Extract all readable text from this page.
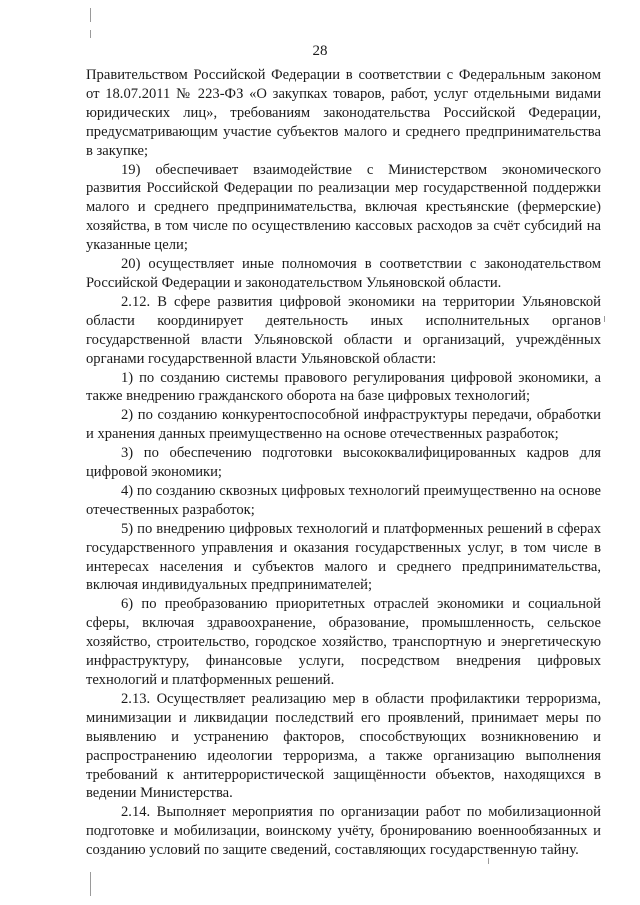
28

Правительством Российской Федерации в соответствии с Федеральным законом от 18.07.2011 № 223-ФЗ «О закупках товаров, работ, услуг отдельными видами юридических лиц», требованиям законодательства Российской Федерации, предусматривающим участие субъектов малого и среднего предпринимательства в закупке;

19) обеспечивает взаимодействие с Министерством экономического развития Российской Федерации по реализации мер государственной поддержки малого и среднего предпринимательства, включая крестьянские (фермерские) хозяйства, в том числе по осуществлению кассовых расходов за счёт субсидий на указанные цели;

20) осуществляет иные полномочия в соответствии с законодательством Российской Федерации и законодательством Ульяновской области.

2.12. В сфере развития цифровой экономики на территории Ульяновской области координирует деятельность иных исполнительных органов государственной власти Ульяновской области и организаций, учреждённых органами государственной власти Ульяновской области:

1) по созданию системы правового регулирования цифровой экономики, а также внедрению гражданского оборота на базе цифровых технологий;

2) по созданию конкурентоспособной инфраструктуры передачи, обработки и хранения данных преимущественно на основе отечественных разработок;

3) по обеспечению подготовки высококвалифицированных кадров для цифровой экономики;

4) по созданию сквозных цифровых технологий преимущественно на основе отечественных разработок;

5) по внедрению цифровых технологий и платформенных решений в сферах государственного управления и оказания государственных услуг, в том числе в интересах населения и субъектов малого и среднего предпринимательства, включая индивидуальных предпринимателей;

6) по преобразованию приоритетных отраслей экономики и социальной сферы, включая здравоохранение, образование, промышленность, сельское хозяйство, строительство, городское хозяйство, транспортную и энергетическую инфраструктуру, финансовые услуги, посредством внедрения цифровых технологий и платформенных решений.

2.13. Осуществляет реализацию мер в области профилактики терроризма, минимизации и ликвидации последствий его проявлений, принимает меры по выявлению и устранению факторов, способствующих возникновению и распространению идеологии терроризма, а также организацию выполнения требований к антитеррористической защищённости объектов, находящихся в ведении Министерства.

2.14. Выполняет мероприятия по организации работ по мобилизационной подготовке и мобилизации, воинскому учёту, бронированию военнообязанных и созданию условий по защите сведений, составляющих государственную тайну.
